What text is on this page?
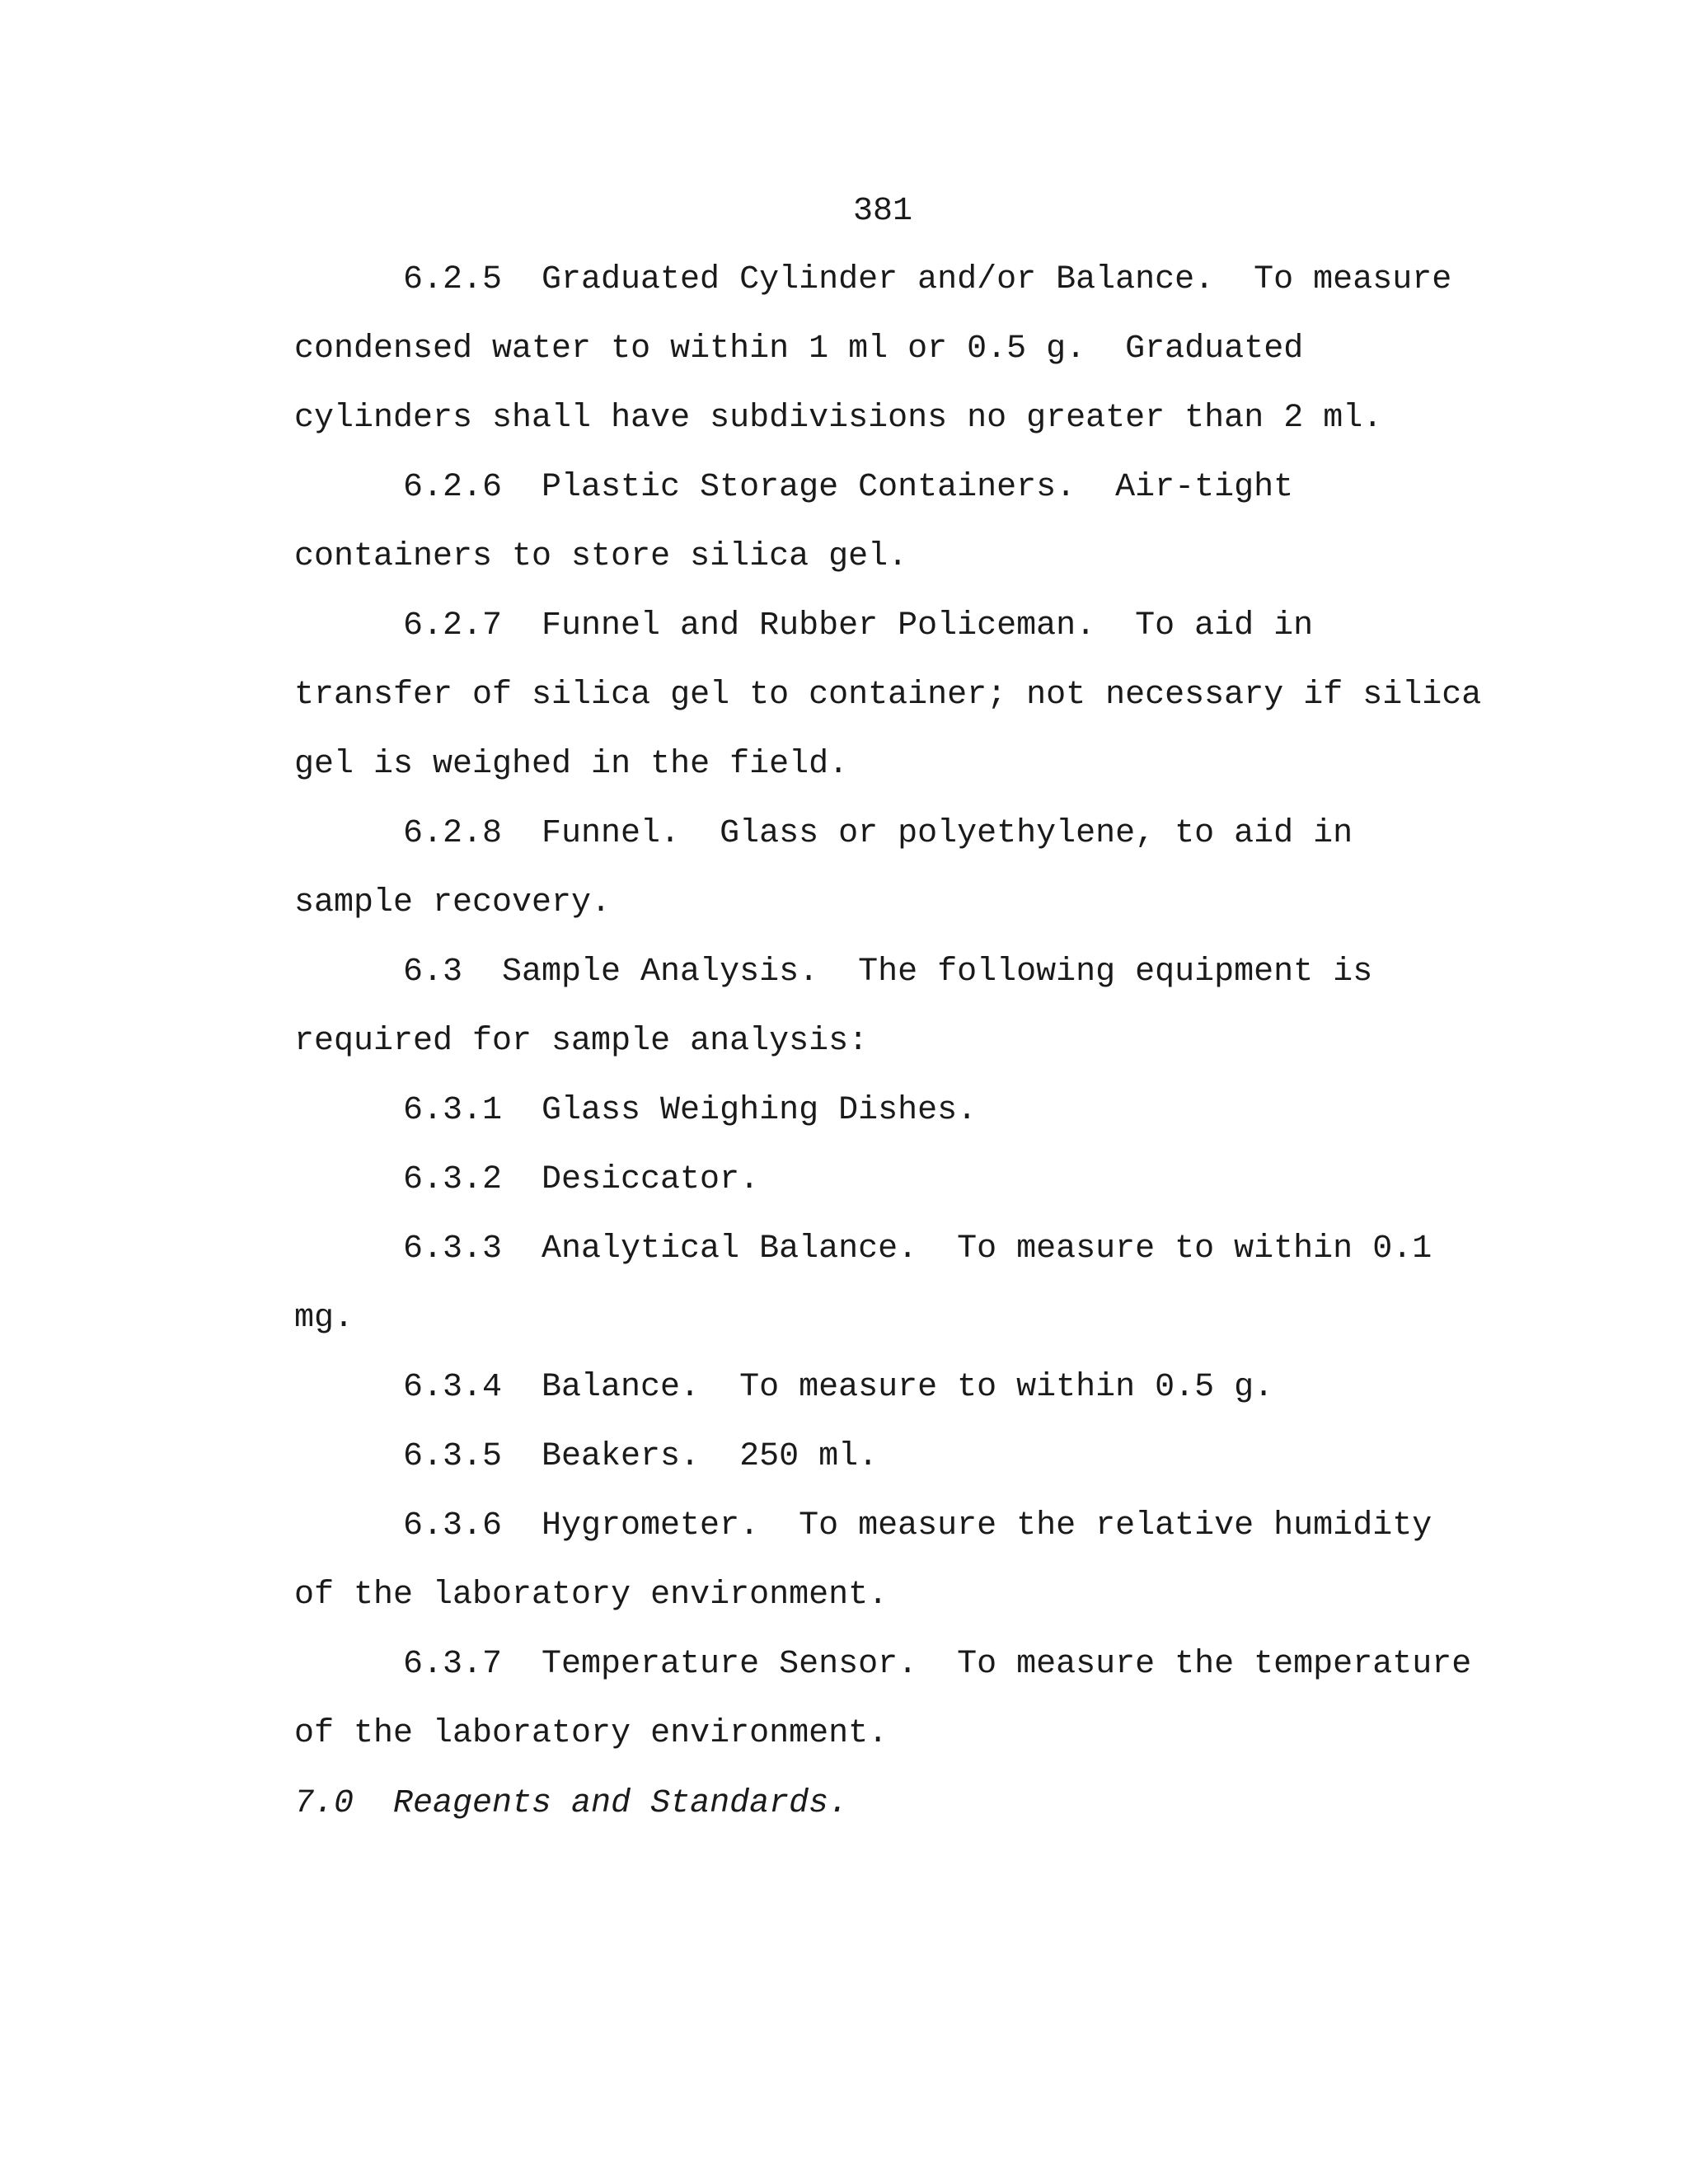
381
6.2.5  Graduated Cylinder and/or Balance.  To measure
condensed water to within 1 ml or 0.5 g.  Graduated
cylinders shall have subdivisions no greater than 2 ml.
6.2.6  Plastic Storage Containers.  Air-tight
containers to store silica gel.
6.2.7  Funnel and Rubber Policeman.  To aid in
transfer of silica gel to container; not necessary if silica
gel is weighed in the field.
6.2.8  Funnel.  Glass or polyethylene, to aid in
sample recovery.
6.3  Sample Analysis.  The following equipment is
required for sample analysis:
6.3.1  Glass Weighing Dishes.
6.3.2  Desiccator.
6.3.3  Analytical Balance.  To measure to within 0.1
mg.
6.3.4  Balance.  To measure to within 0.5 g.
6.3.5  Beakers.  250 ml.
6.3.6  Hygrometer.  To measure the relative humidity
of the laboratory environment.
6.3.7  Temperature Sensor.  To measure the temperature
of the laboratory environment.
7.0  Reagents and Standards.
